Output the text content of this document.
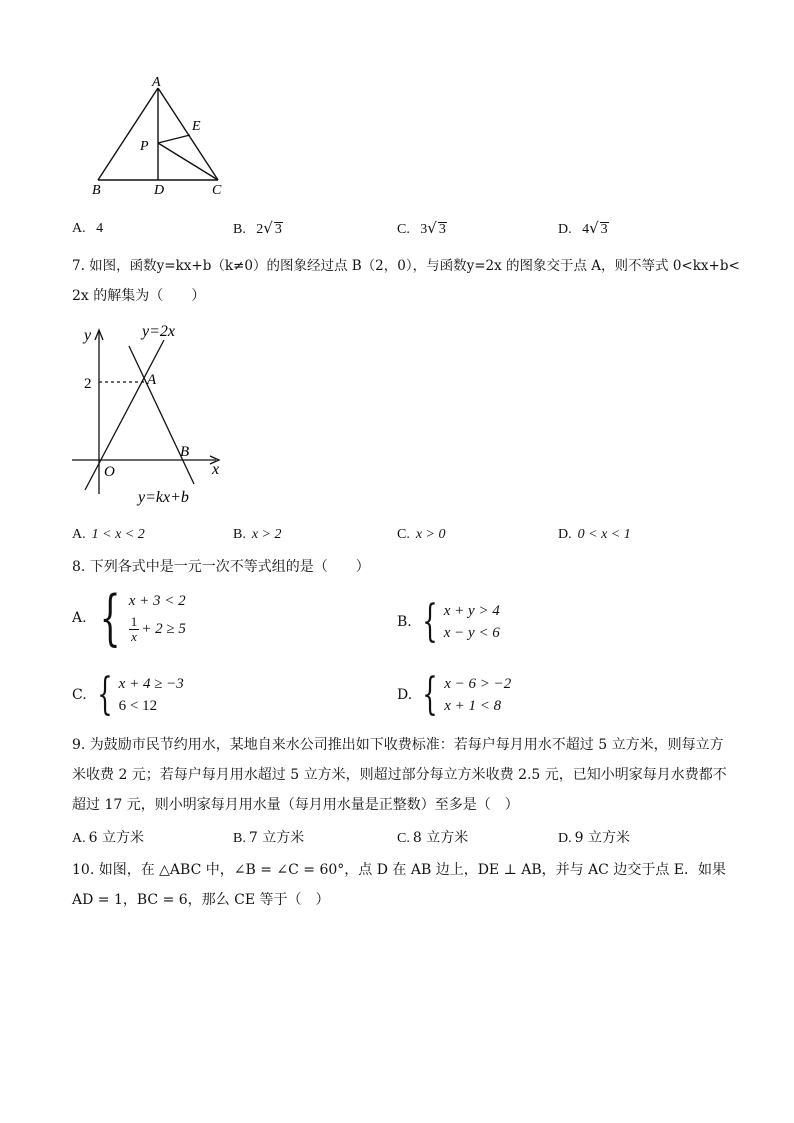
A
B	D	C
E
P
A. 4	B. 2√ 3	C. 3√ 3	D. 4√ 3
7. 如图，函数y=kx+b（k≠0）的图象经过点 B（2，0），与函数y=2x 的图象交于点 A，则不等式 0<kx+b<
2x 的解集为（　　）
y
x
O
y=2x
y=kx+b
A
B
2
A. 1 < x < 2	B. x > 2	C. x > 0	D. 0 < x < 1
8. 下列各式中是一元一次不等式组的是（　　）
A. { x + 3 < 2
$\frac{1}{x} + 2 \ge 5$	B. { x + y > 4
x − y < 6
C. { x + 4 ≥ −3
6 < 12
D. { x − 6 > −2
x + 1 < 8
9. 为鼓励市民节约用水，某地自来水公司推出如下收费标准：若每户每月用水不超过 5 立方米，则每立方
米收费 2 元；若每户每月用水超过 5 立方米，则超过部分每立方米收费 2.5 元，已知小明家每月水费都不
超过 17 元，则小明家每月用水量（每月用水量是正整数）至多是（　）
A. 6 立方米	B. 7 立方米	C. 8 立方米	D. 9 立方米
10. 如图，在 △ABC 中，∠B = ∠C = 60°，点 D 在 AB 边上，DE ⊥ AB，并与 AC 边交于点 E．如果
AD = 1，BC = 6，那么 CE 等于（　）
